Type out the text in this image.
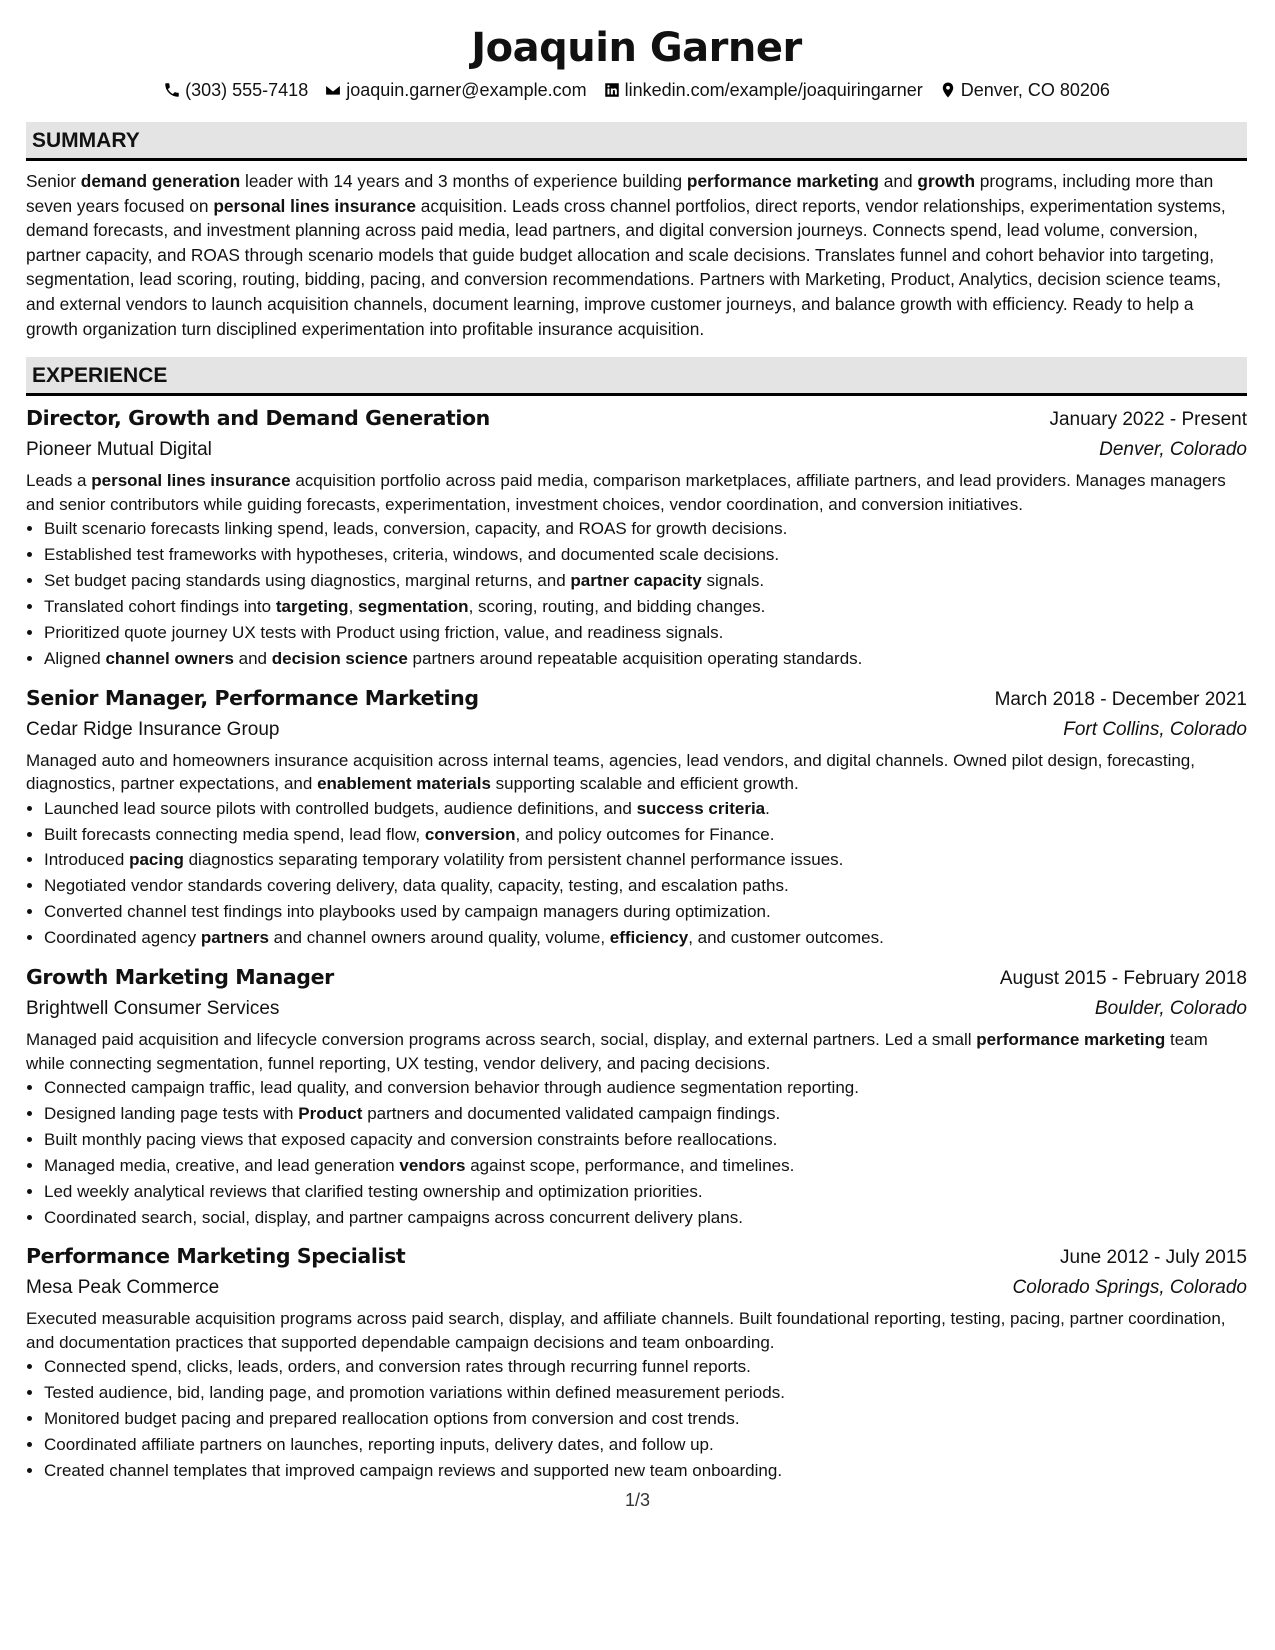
Joaquin Garner
(303) 555-7418 joaquin.garner@example.com linkedin.com/example/joaquiringarner Denver, CO 80206
SUMMARY

Senior demand generation leader with 14 years and 3 months of experience building performance marketing and growth programs, including more than seven years focused on personal lines insurance acquisition. Leads cross channel portfolios, direct reports, vendor relationships, experimentation systems, demand forecasts, and investment planning across paid media, lead partners, and digital conversion journeys. Connects spend, lead volume, conversion, partner capacity, and ROAS through scenario models that guide budget allocation and scale decisions. Translates funnel and cohort behavior into targeting, segmentation, lead scoring, routing, bidding, pacing, and conversion recommendations. Partners with Marketing, Product, Analytics, decision science teams, and external vendors to launch acquisition channels, document learning, improve customer journeys, and balance growth with efficiency. Ready to help a growth organization turn disciplined experimentation into profitable insurance acquisition.

EXPERIENCE
Director, Growth and Demand Generation	January 2022 - Present
Pioneer Mutual Digital	Denver, Colorado
Leads a personal lines insurance acquisition portfolio across paid media, comparison marketplaces, affiliate partners, and lead providers. Manages managers and senior contributors while guiding forecasts, experimentation, investment choices, vendor coordination, and conversion initiatives.
• Built scenario forecasts linking spend, leads, conversion, capacity, and ROAS for growth decisions.
• Established test frameworks with hypotheses, criteria, windows, and documented scale decisions.
• Set budget pacing standards using diagnostics, marginal returns, and partner capacity signals.
• Translated cohort findings into targeting, segmentation, scoring, routing, and bidding changes.
• Prioritized quote journey UX tests with Product using friction, value, and readiness signals.
• Aligned channel owners and decision science partners around repeatable acquisition operating standards.
Senior Manager, Performance Marketing	March 2018 - December 2021
Cedar Ridge Insurance Group	Fort Collins, Colorado
Managed auto and homeowners insurance acquisition across internal teams, agencies, lead vendors, and digital channels. Owned pilot design, forecasting, diagnostics, partner expectations, and enablement materials supporting scalable and efficient growth.
• Launched lead source pilots with controlled budgets, audience definitions, and success criteria.
• Built forecasts connecting media spend, lead flow, conversion, and policy outcomes for Finance.
• Introduced pacing diagnostics separating temporary volatility from persistent channel performance issues.
• Negotiated vendor standards covering delivery, data quality, capacity, testing, and escalation paths.
• Converted channel test findings into playbooks used by campaign managers during optimization.
• Coordinated agency partners and channel owners around quality, volume, efficiency, and customer outcomes.
Growth Marketing Manager	August 2015 - February 2018
Brightwell Consumer Services	Boulder, Colorado
Managed paid acquisition and lifecycle conversion programs across search, social, display, and external partners. Led a small performance marketing team while connecting segmentation, funnel reporting, UX testing, vendor delivery, and pacing decisions.
• Connected campaign traffic, lead quality, and conversion behavior through audience segmentation reporting.
• Designed landing page tests with Product partners and documented validated campaign findings.
• Built monthly pacing views that exposed capacity and conversion constraints before reallocations.
• Managed media, creative, and lead generation vendors against scope, performance, and timelines.
• Led weekly analytical reviews that clarified testing ownership and optimization priorities.
• Coordinated search, social, display, and partner campaigns across concurrent delivery plans.
Performance Marketing Specialist	June 2012 - July 2015
Mesa Peak Commerce	Colorado Springs, Colorado
Executed measurable acquisition programs across paid search, display, and affiliate channels. Built foundational reporting, testing, pacing, partner coordination, and documentation practices that supported dependable campaign decisions and team onboarding.
• Connected spend, clicks, leads, orders, and conversion rates through recurring funnel reports.
• Tested audience, bid, landing page, and promotion variations within defined measurement periods.
• Monitored budget pacing and prepared reallocation options from conversion and cost trends.
• Coordinated affiliate partners on launches, reporting inputs, delivery dates, and follow up.
• Created channel templates that improved campaign reviews and supported new team onboarding.
1/3
